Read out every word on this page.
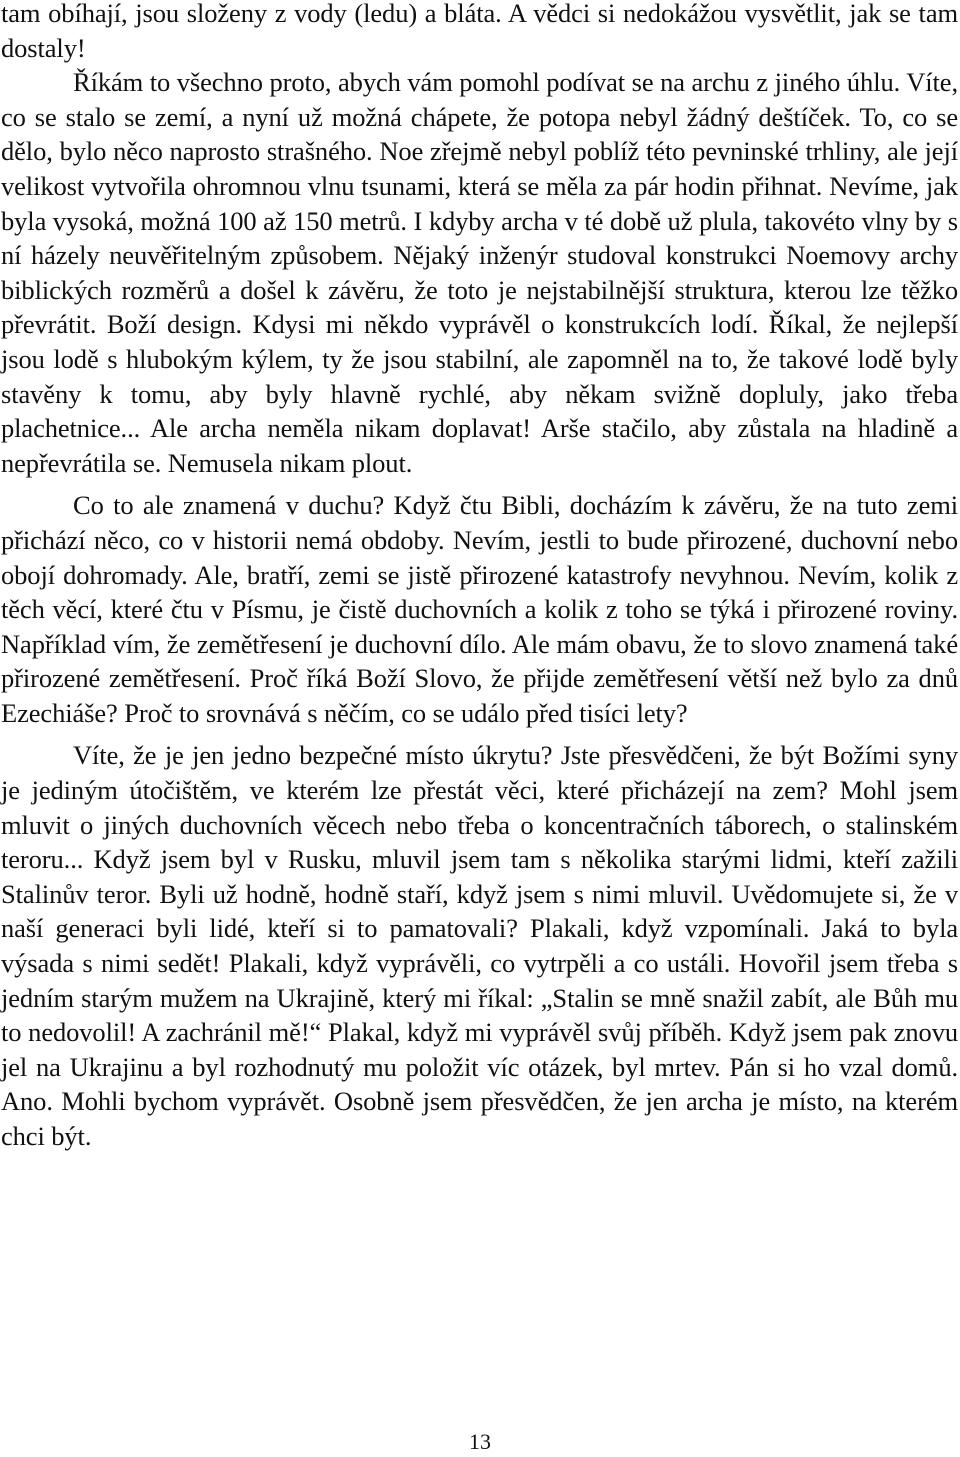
tam obíhají, jsou složeny z vody (ledu) a bláta. A vědci si nedokážou vysvětlit, jak se tam dostaly!

Říkám to všechno proto, abych vám pomohl podívat se na archu z jiného úhlu. Víte, co se stalo se zemí, a nyní už možná chápete, že potopa nebyl žádný deštíček. To, co se dělo, bylo něco naprosto strašného. Noe zřejmě nebyl poblíž této pevninské trhliny, ale její velikost vytvořila ohromnou vlnu tsunami, která se měla za pár hodin přihnat. Nevíme, jak byla vysoká, možná 100 až 150 metrů. I kdyby archa v té době už plula, takovéto vlny by s ní házely neuvěřitelným způsobem. Nějaký inženýr studoval konstrukci Noemovy archy biblických rozměrů a došel k závěru, že toto je nejstabilnější struktura, kterou lze těžko převrátit. Boží design. Kdysi mi někdo vyprávěl o konstrukcích lodí. Říkal, že nejlepší jsou lodě s hlubokým kýlem, ty že jsou stabilní, ale zapomněl na to, že takové lodě byly stavěny k tomu, aby byly hlavně rychlé, aby někam svižně dopluly, jako třeba plachetnice... Ale archa neměla nikam doplavat! Arše stačilo, aby zůstala na hladině a nepřevrátila se. Nemusela nikam plout.

Co to ale znamená v duchu? Když čtu Bibli, docházím k závěru, že na tuto zemi přichází něco, co v historii nemá obdoby. Nevím, jestli to bude přirozené, duchovní nebo obojí dohromady. Ale, bratří, zemi se jistě přirozené katastrofy nevyhnou. Nevím, kolik z těch věcí, které čtu v Písmu, je čistě duchovních a kolik z toho se týká i přirozené roviny. Například vím, že zemětřesení je duchovní dílo. Ale mám obavu, že to slovo znamená také přirozené zemětřesení. Proč říká Boží Slovo, že přijde zemětřesení větší než bylo za dnů Ezechiáše? Proč to srovnává s něčím, co se událo před tisíci lety?

Víte, že je jen jedno bezpečné místo úkrytu? Jste přesvědčeni, že být Božími syny je jediným útočištěm, ve kterém lze přestát věci, které přicházejí na zem? Mohl jsem mluvit o jiných duchovních věcech nebo třeba o koncentračních táborech, o stalinském teroru... Když jsem byl v Rusku, mluvil jsem tam s několika starými lidmi, kteří zažili Stalinův teror. Byli už hodně, hodně staří, když jsem s nimi mluvil. Uvědomujete si, že v naší generaci byli lidé, kteří si to pamatovali? Plakali, když vzpomínali. Jaká to byla výsada s nimi sedět! Plakali, když vyprávěli, co vytrpěli a co ustáli. Hovořil jsem třeba s jedním starým mužem na Ukrajině, který mi říkal: „Stalin se mně snažil zabít, ale Bůh mu to nedovolil! A zachránil mě!“ Plakal, když mi vyprávěl svůj příběh. Když jsem pak znovu jel na Ukrajinu a byl rozhodnutý mu položit víc otázek, byl mrtev. Pán si ho vzal domů. Ano. Mohli bychom vyprávět. Osobně jsem přesvědčen, že jen archa je místo, na kterém chci být.

13
